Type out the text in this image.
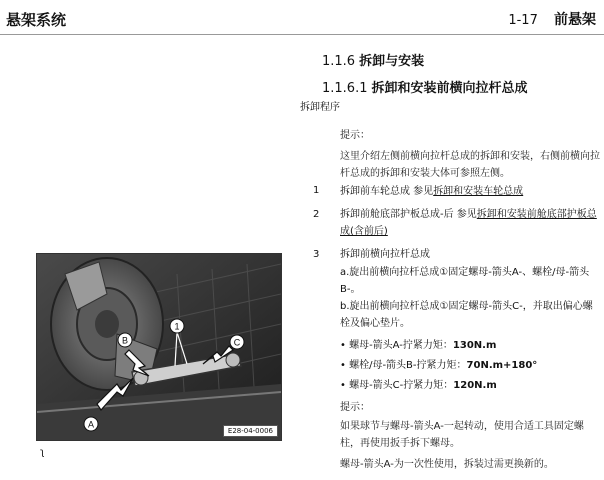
悬架系统	1-17 前悬架
1.1.6 拆卸与安装
1.1.6.1 拆卸和安装前横向拉杆总成
拆卸程序
提示：
这里介绍左侧前横向拉杆总成的拆卸和安装，右侧前横向拉杆总成的拆卸和安装大体可参照左侧。
1 拆卸前车轮总成 参见拆卸和安装车轮总成
2 拆卸前舱底部护板总成-后 参见拆卸和安装前舱底部护板总成(含前后)
3 拆卸前横向拉杆总成
a.旋出前横向拉杆总成①固定螺母-箭头A-、螺栓/母-箭头B-。
b.旋出前横向拉杆总成①固定螺母-箭头C-，并取出偏心螺栓及偏心垫片。
• 螺母-箭头A-拧紧力矩：130N.m
• 螺栓/母-箭头B-拧紧力矩：70N.m+180°
• 螺母-箭头C-拧紧力矩：120N.m
提示：
如果球节与螺母-箭头A-一起转动，使用合适工具固定螺柱，再使用扳手拆下螺母。
螺母-箭头A-为一次性使用，拆装过需更换新的。
1
B	C
A
E28-04-0006
ʅ
